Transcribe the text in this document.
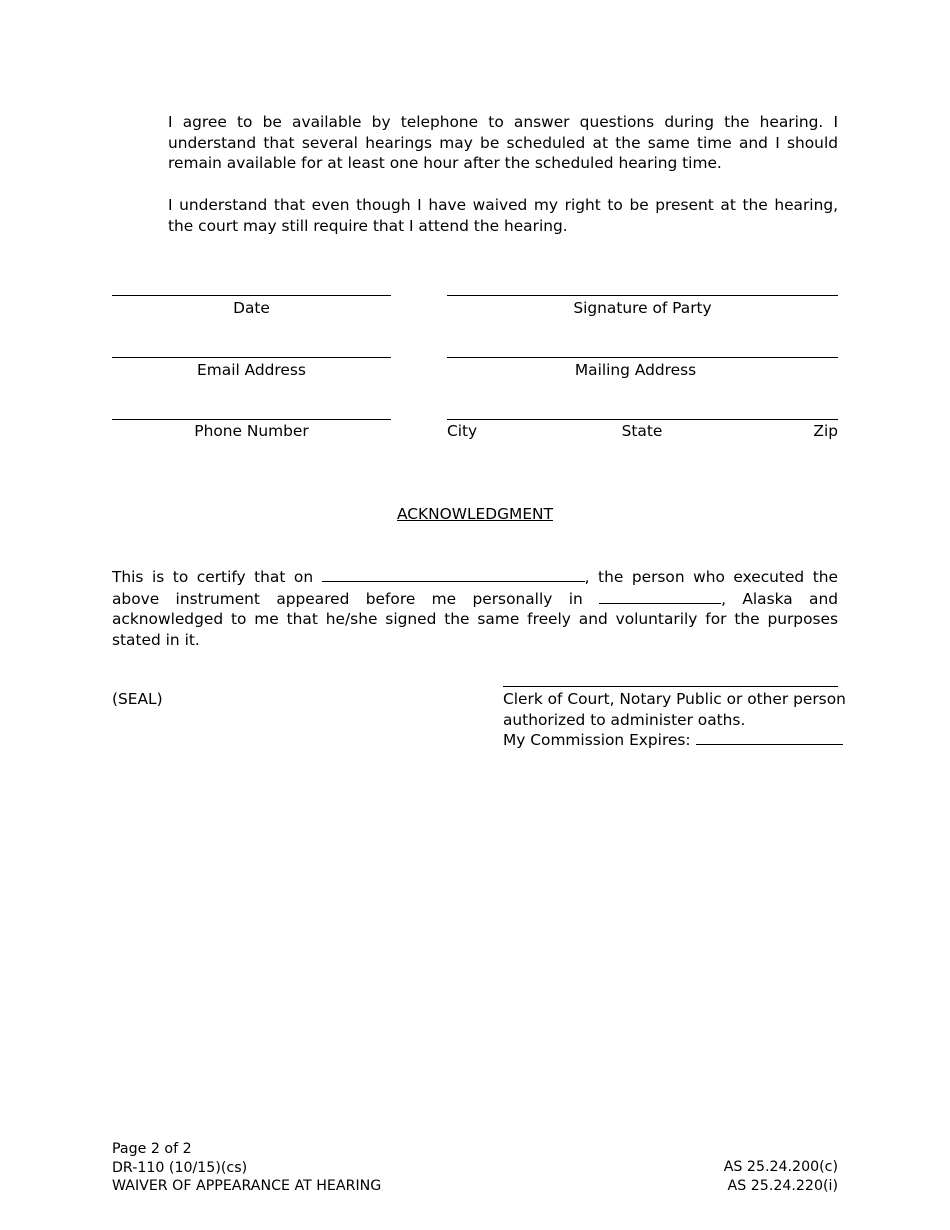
I agree to be available by telephone to answer questions during the hearing. I understand that several hearings may be scheduled at the same time and I should remain available for at least one hour after the scheduled hearing time.

I understand that even though I have waived my right to be present at the hearing, the court may still require that I attend the hearing.

Date	Signature of Party
Email Address	Mailing Address
Phone Number	City	State	Zip
ACKNOWLEDGMENT

This is to certify that on	, the person who executed the above instrument appeared before me personally in	, Alaska and acknowledged to me that he/she signed the same freely and voluntarily for the purposes stated in it.

(SEAL)	Clerk of Court, Notary Public or other person
authorized to administer oaths.
My Commission Expires:
Page 2 of 2
DR-110 (10/15)(cs)
WAIVER OF APPEARANCE AT HEARING
AS 25.24.200(c)
AS 25.24.220(i)
